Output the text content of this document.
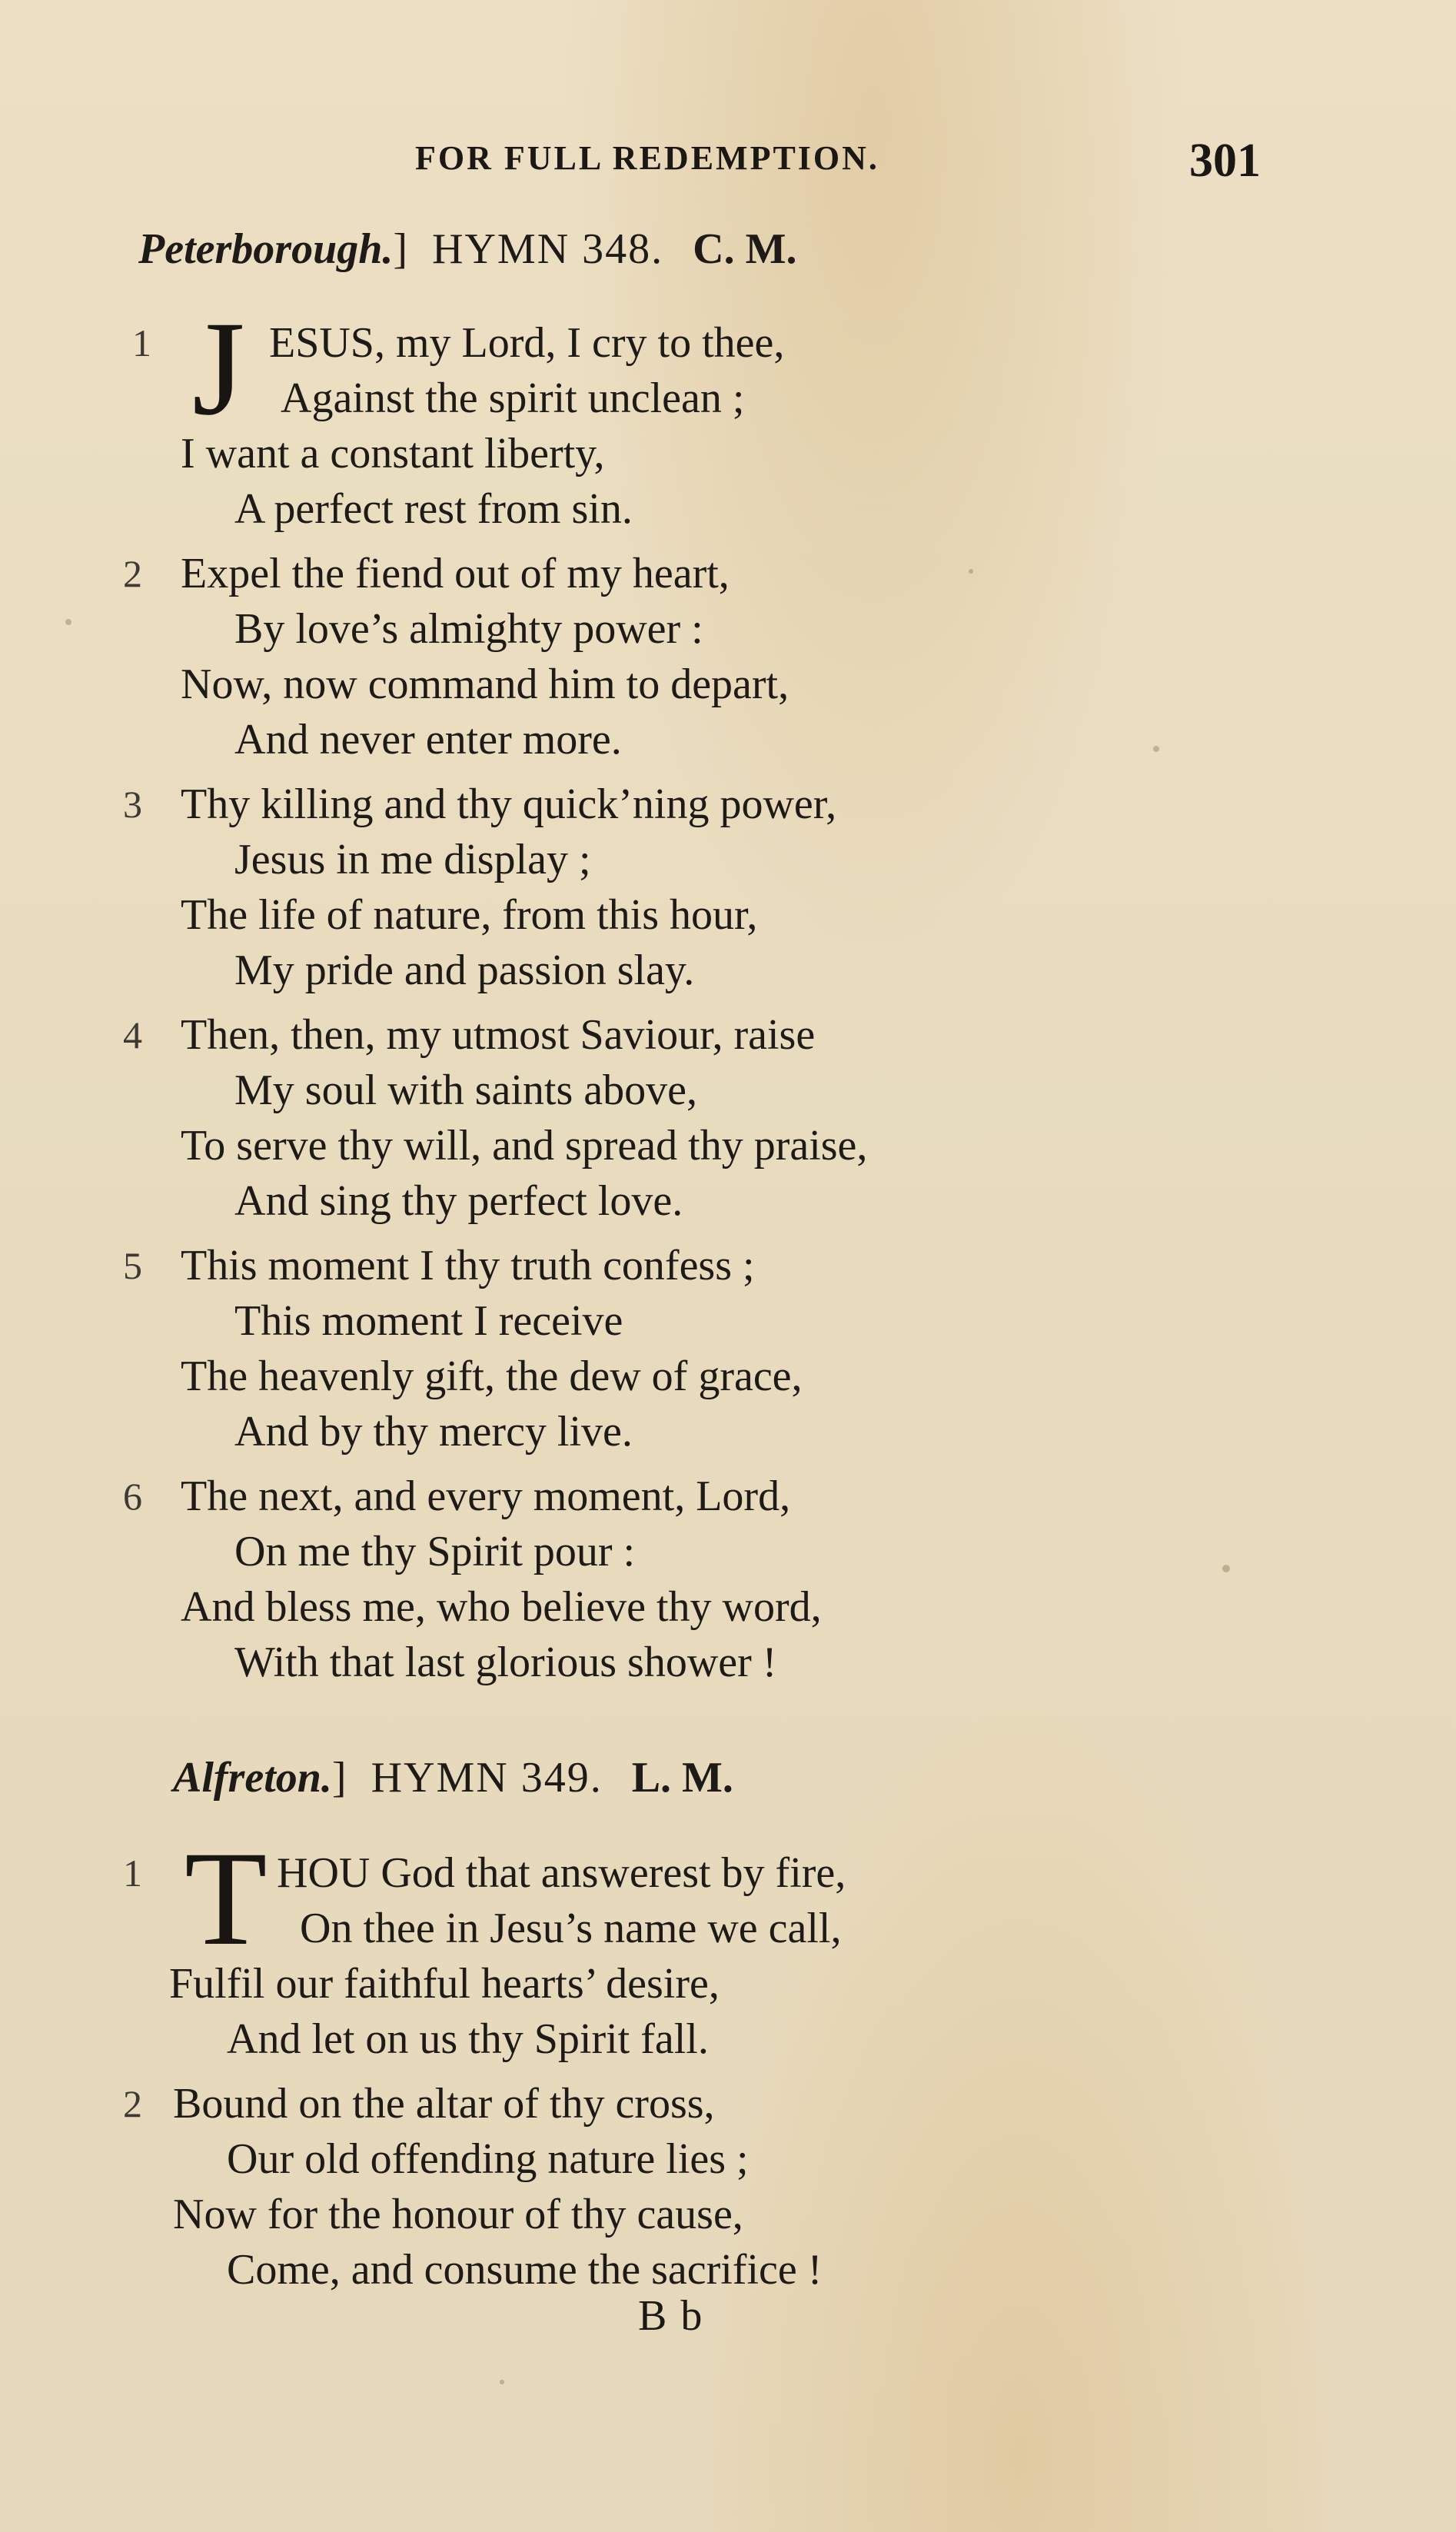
FOR FULL REDEMPTION.	301
Peterborough.] HYMN 348. C. M.
1 J ESUS, my Lord, I cry to thee,
Against the spirit unclean ;
I want a constant liberty,
A perfect rest from sin.
2 Expel the fiend out of my heart,
By love’s almighty power :
Now, now command him to depart,
And never enter more.
3 Thy killing and thy quick’ning power,
Jesus in me display ;
The life of nature, from this hour,
My pride and passion slay.
4 Then, then, my utmost Saviour, raise
My soul with saints above,
To serve thy will, and spread thy praise,
And sing thy perfect love.
5 This moment I thy truth confess ;
This moment I receive
The heavenly gift, the dew of grace,
And by thy mercy live.
6 The next, and every moment, Lord,
On me thy Spirit pour :
And bless me, who believe thy word,
With that last glorious shower !
Alfreton.] HYMN 349. L. M.
1 T HOU God that answerest by fire,
On thee in Jesu’s name we call,
Fulfil our faithful hearts’ desire,
And let on us thy Spirit fall.
2 Bound on the altar of thy cross,
Our old offending nature lies ;
Now for the honour of thy cause,
Come, and consume the sacrifice !
B b
